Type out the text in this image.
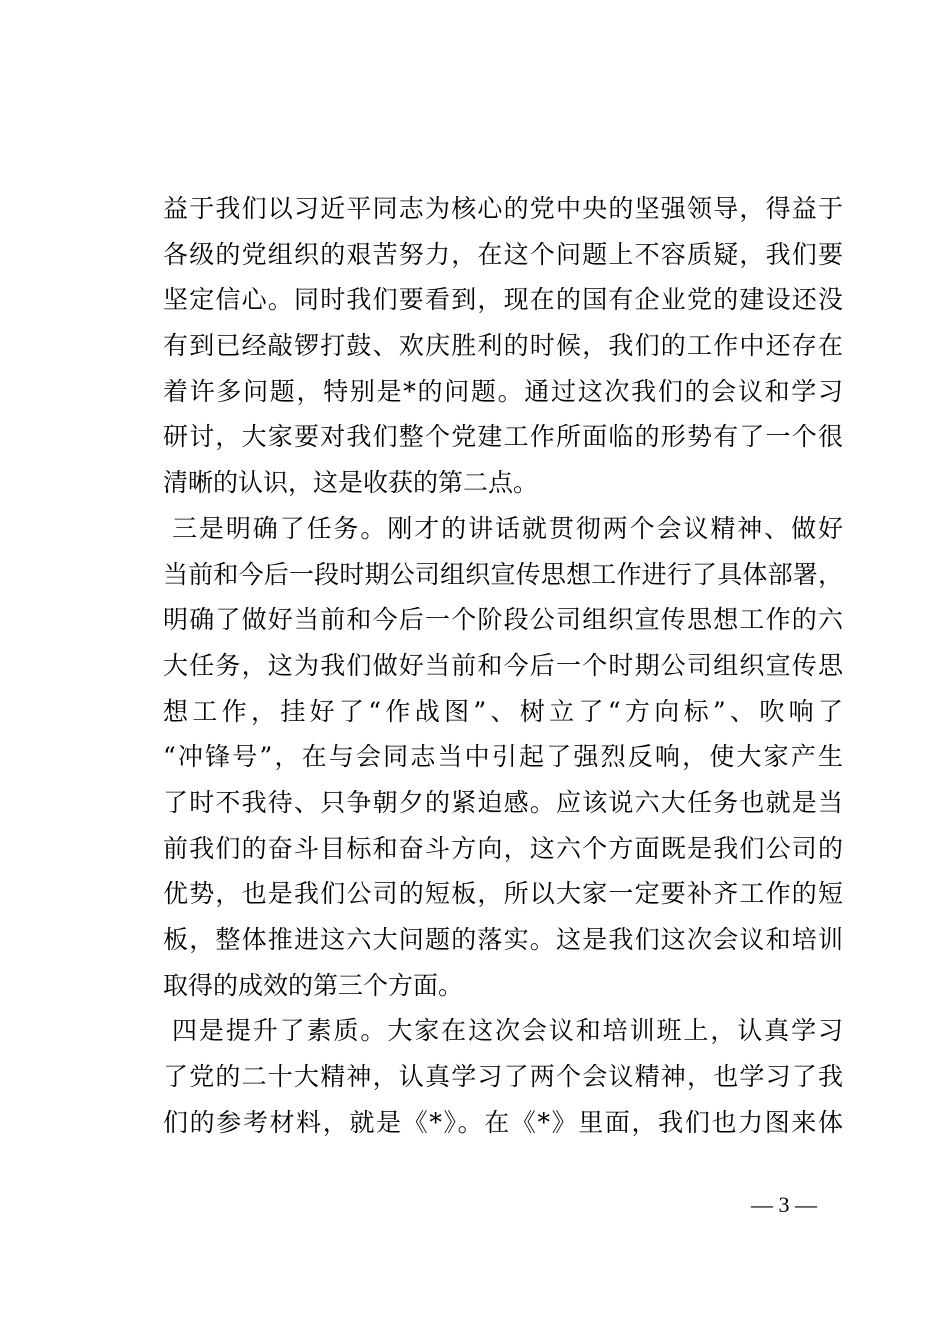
益于我们以习近平同志为核心的党中央的坚强领导，得益于
各级的党组织的艰苦努力，在这个问题上不容质疑，我们要
坚定信心。同时我们要看到，现在的国有企业党的建设还没
有到已经敲锣打鼓、欢庆胜利的时候，我们的工作中还存在
着许多问题，特别是*的问题。通过这次我们的会议和学习
研讨，大家要对我们整个党建工作所面临的形势有了一个很
清晰的认识，这是收获的第二点。
三是明确了任务。刚才的讲话就贯彻两个会议精神、做好
当前和今后一段时期公司组织宣传思想工作进行了具体部署，
明确了做好当前和今后一个阶段公司组织宣传思想工作的六
大任务，这为我们做好当前和今后一个时期公司组织宣传思
想工作，挂好了“作战图”、树立了“方向标”、吹响了
“冲锋号”，在与会同志当中引起了强烈反响，使大家产生
了时不我待、只争朝夕的紧迫感。应该说六大任务也就是当
前我们的奋斗目标和奋斗方向，这六个方面既是我们公司的
优势，也是我们公司的短板，所以大家一定要补齐工作的短
板，整体推进这六大问题的落实。这是我们这次会议和培训
取得的成效的第三个方面。
四是提升了素质。大家在这次会议和培训班上，认真学习
了党的二十大精神，认真学习了两个会议精神，也学习了我
们的参考材料，就是《*》。在《*》里面，我们也力图来体
— 3 —
